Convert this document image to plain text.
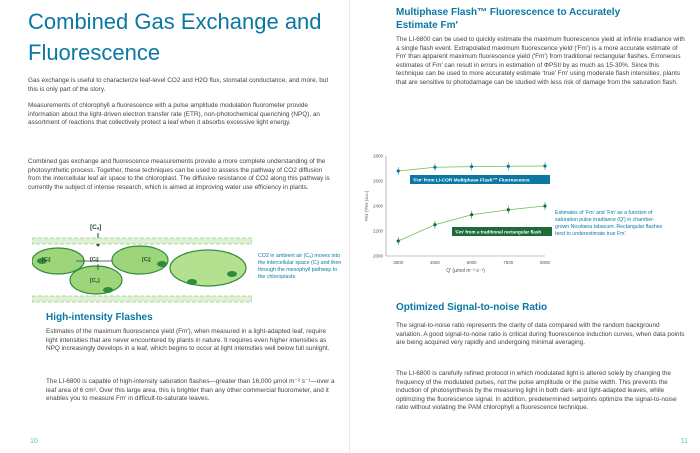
Combined Gas Exchange and Fluorescence

Gas exchange is useful to characterize leaf-level CO2 and H2O flux, stomatal conductance, and more, but this is only part of the story.

Measurements of chlorophyll a fluorescence with a pulse amplitude modulation fluorometer provide information about the light-driven electron transfer rate (ETR), non-photochemical quenching (NPQ), an assortment of reactions that collectively protect a leaf when it absorbs excessive light energy.

Combined gas exchange and fluorescence measurements provide a more complete understanding of the photosynthetic process. Together, these techniques can be used to assess the pathway of CO2 diffusion from the intercellular leaf air space to the chloroplast. The diffusive resistance of CO2 along this pathway is currently the subject of intense research, which is aimed at improving water use efficiency in plants.

[Cₐ]
[Cᵢ]	[Cᵢ]	[Cᵢ]
[C꜀]

CO2 in ambient air (Cₐ) moves into the intercellular space (Cᵢ) and then through the mesophyll pathway to the chloroplasts.

High-intensity Flashes

Estimates of the maximum fluorescence yield (Fm′), when measured in a light-adapted leaf, require light intensities that are never encountered by plants in nature. It requires even higher intensities as NPQ increasingly develops in a leaf, which begins to occur at light intensities well below full sunlight.

The LI-6800 is capable of high-intensity saturation flashes—greater than 16,000 µmol m⁻² s⁻¹—over a leaf area of 6 cm². Over this large area, this is brighter than any other commercial fluorometer, and it enables you to measure Fm′ in difficult-to-saturate leaves.

10
Multiphase Flash™ Fluorescence to Accurately Estimate Fm′

The LI-6800 can be used to quickly estimate the maximum fluorescence yield at infinite irradiance with a single flash event. Extrapolated maximum fluorescence yield (′Fm′) is a more accurate estimate of Fm′ than apparent maximum fluorescence yield (′Fm′) from traditional rectangular flashes. Erroneous estimates of Fm′ can result in errors in estimation of ΦPSII by as much as 15-30%. Since this technique can be used to more accurately estimate ‘true’ Fm′ using moderate flash intensities, plants that are sensitive to photodamage can be studied with less risk of damage from the saturation flash.

Optimized Signal-to-noise Ratio

The signal-to-noise ratio represents the clarity of data compared with the random background variation. A good signal-to-noise ratio is critical during fluorescence induction curves, when data points are being acquired very rapidly and undergoing minimal averaging.

The LI-6800 is carefully refined protocol in which modulated light is altered solely by changing the frequency of the modulated pulses, not the pulse amplitude or the pulse width. This prevents the induction of photosynthesis by the measuring light in both dark- and light-adapted leaves, while optimizing the fluorescence signal. In addition, predetermined setpoints optimize the signal-to-noise ratio without violating the PAM chlorophyll a fluorescence technique.

11
3000	4500	6000	7500	9000
2000
2200
2400
2600
2800
Q′ (µmol m⁻² s⁻¹)
′Fm′ (′Fm′ (a.u.)
′Fm′ from LI-COR Multiphase Flash™ Fluorescence
′Fm′ from a traditional rectangular flash

Estimates of ‘Fm’ and ‘Fm’ as a function of saturation pulse irradiance (Q′) in chamber-grown Nicotiana tabacum. Rectangular flashes tend to underestimate true Fm′.
